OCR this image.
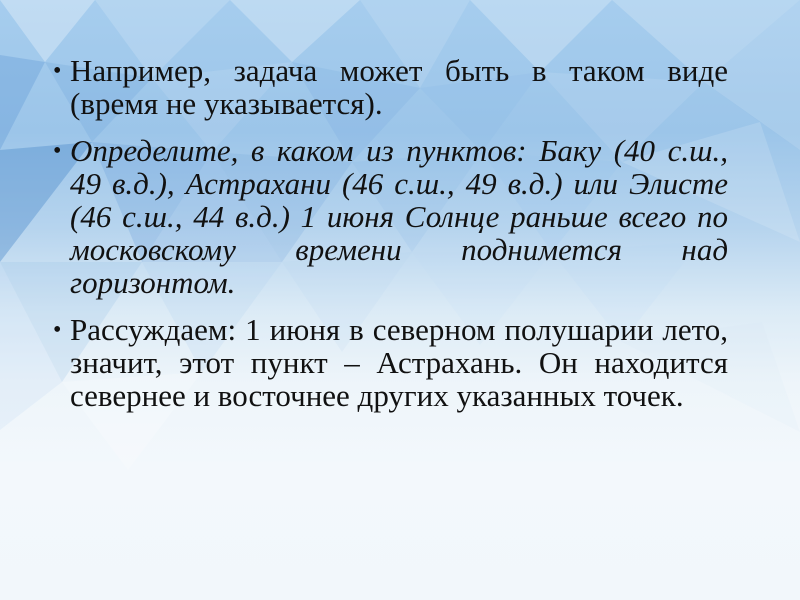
• Например, задача может быть в таком виде
(время не указывается).
• Определите, в каком из пунктов: Баку (40 с.ш.,
49 в.д.), Астрахани (46 с.ш., 49 в.д.) или Элисте
(46 с.ш., 44 в.д.) 1 июня Солнце раньше всего по
московскому времени поднимется над
горизонтом.
• Рассуждаем: 1 июня в северном полушарии лето,
значит, этот пункт – Астрахань. Он находится
севернее и восточнее других указанных точек.
